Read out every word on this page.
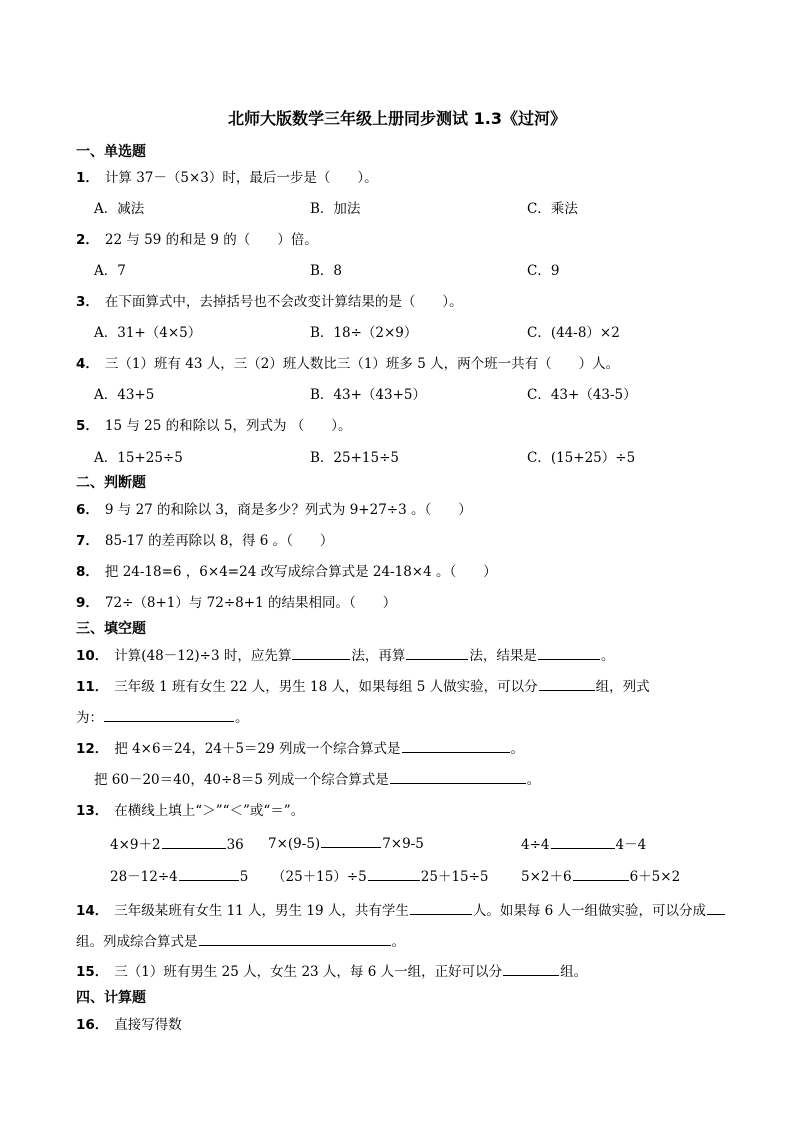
北师大版数学三年级上册同步测试 1.3《过河》
一、单选题
1． 计算 37－（5×3）时，最后一步是（　　）。
A．减法	B．加法	C．乘法
2． 22 与 59 的和是 9 的（　　）倍。
A．7	B．8	C．9
3． 在下面算式中，去掉括号也不会改变计算结果的是（　　）。
A．31+（4×5）	B．18÷（2×9）	C．(44-8）×2
4． 三（1）班有 43 人，三（2）班人数比三（1）班多 5 人，两个班一共有（　　）人。
A．43+5	B．43+（43+5）	C．43+（43-5）
5． 15 与 25 的和除以 5，列式为 （　　）。
A．15+25÷5	B．25+15÷5	C．(15+25）÷5
二、判断题
6． 9 与 27 的和除以 3，商是多少？列式为 9+27÷3 。（　　）
7． 85-17 的差再除以 8，得 6 。（　　）
8． 把 24-18=6 ，6×4=24 改写成综合算式是 24-18×4 。（　　）
9． 72÷（8+1）与 72÷8+1 的结果相同。（　　）
三、填空题
10． 计算(48－12)÷3 时，应先算	法，再算	法，结果是	。
11． 三年级 1 班有女生 22 人，男生 18 人，如果每组 5 人做实验，可以分	组，列式
为：	。
12． 把 4×6＝24，24＋5＝29 列成一个综合算式是	。
把 60－20＝40，40÷8＝5 列成一个综合算式是	。
13． 在横线上填上“＞”“＜”或“＝”。
4×9＋2	36 7×(9-5)	7×9-5	4÷4	4－4
28－12÷4	5 （25＋15）÷5	25＋15÷5 5×2＋6	6＋5×2
14． 三年级某班有女生 11 人，男生 19 人，共有学生	人。如果每 6 人一组做实验，可以分成
组。列成综合算式是	。
15． 三（1）班有男生 25 人，女生 23 人，每 6 人一组，正好可以分	组。
四、计算题
16． 直接写得数
